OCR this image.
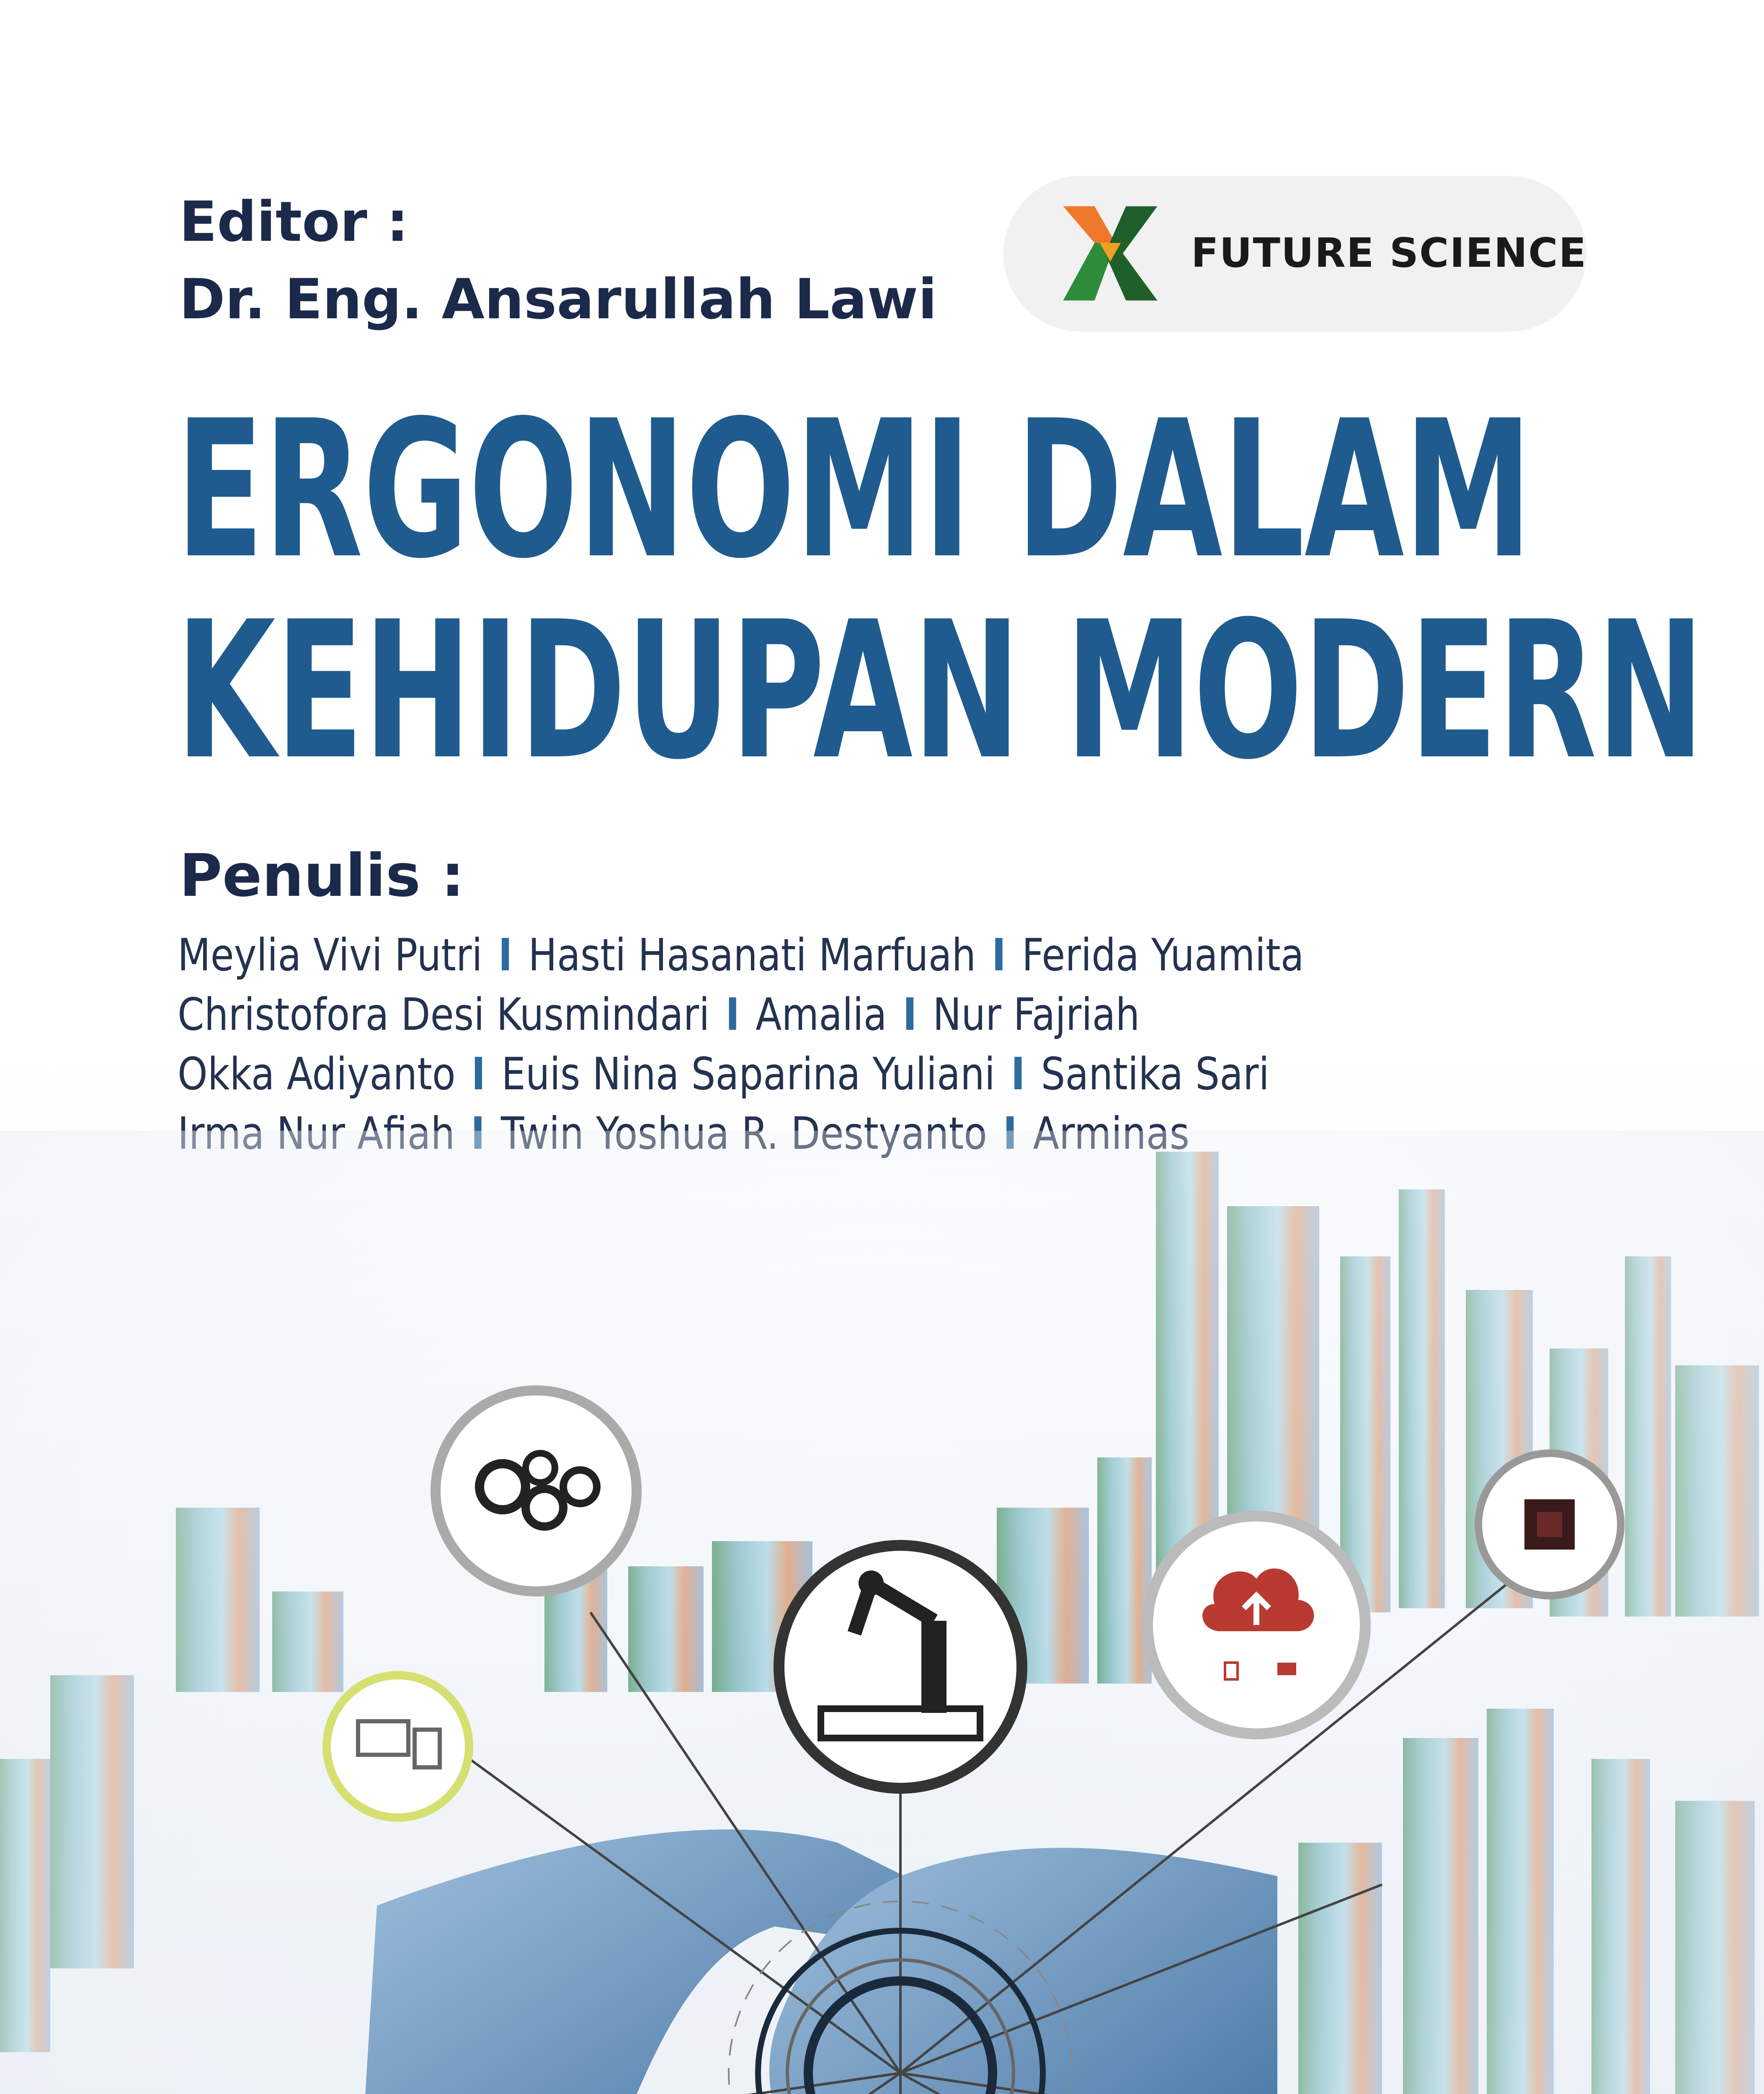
Editor :
Dr. Eng. Ansarullah Lawi
FUTURE SCIENCE
ERGONOMI DALAM
KEHIDUPAN MODERN
Penulis :
Meylia Vivi Putri I Hasti Hasanati Marfuah I Ferida Yuamita
Christofora Desi Kusmindari I Amalia I Nur Fajriah
Okka Adiyanto I Euis Nina Saparina Yuliani I Santika Sari
